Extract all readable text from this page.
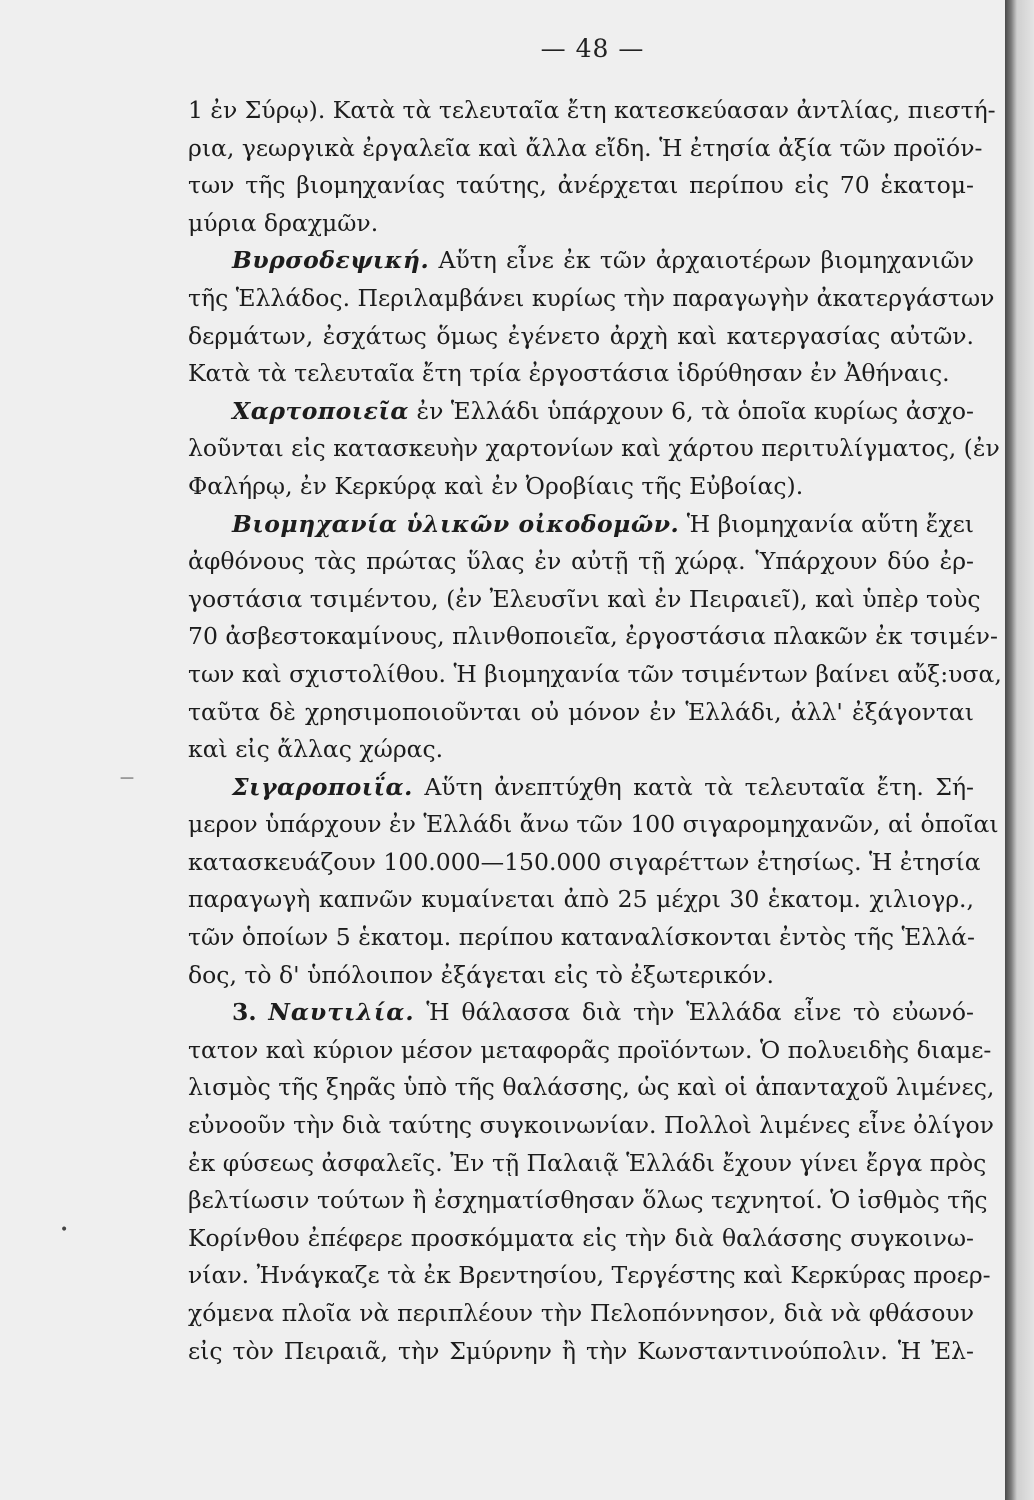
— 48 —
1 ἐν Σύρῳ). Κατὰ τὰ τελευταῖα ἔτη κατεσκεύασαν ἀντλίας, πιεστή-
ρια, γεωργικὰ ἐργαλεῖα καὶ ἄλλα εἴδη. Ἡ ἐτησία ἀξία τῶν προϊόν-
των τῆς βιομηχανίας ταύτης, ἀνέρχεται περίπου εἰς 70 ἑκατομ-
μύρια δραχμῶν.
Βυρσοδεψική. Αὕτη εἶνε ἐκ τῶν ἀρχαιοτέρων βιομηχανιῶν
τῆς Ἑλλάδος. Περιλαμβάνει κυρίως τὴν παραγωγὴν ἀκατεργάστων
δερμάτων, ἐσχάτως ὅμως ἐγένετο ἀρχὴ καὶ κατεργασίας αὐτῶν.
Κατὰ τὰ τελευταῖα ἔτη τρία ἐργοστάσια ἱδρύθησαν ἐν Ἀθήναις.
Χαρτοποιεῖα ἐν Ἑλλάδι ὑπάρχουν 6, τὰ ὁποῖα κυρίως ἀσχο-
λοῦνται εἰς κατασκευὴν χαρτονίων καὶ χάρτου περιτυλίγματος, (ἐν
Φαλήρῳ, ἐν Κερκύρᾳ καὶ ἐν Ὀροβίαις τῆς Εὐβοίας).
Βιομηχανία ὑλικῶν οἰκοδομῶν. Ἡ βιομηχανία αὕτη ἔχει
ἀφθόνους τὰς πρώτας ὕλας ἐν αὐτῇ τῇ χώρᾳ. Ὑπάρχουν δύο ἐρ-
γοστάσια τσιμέντου, (ἐν Ἐλευσῖνι καὶ ἐν Πειραιεῖ), καὶ ὑπὲρ τοὺς
70 ἀσβεστοκαμίνους, πλινθοποιεῖα, ἐργοστάσια πλακῶν ἐκ τσιμέν-
των καὶ σχιστολίθου. Ἡ βιομηχανία τῶν τσιμέντων βαίνει αὔξ:υσα,
ταῦτα δὲ χρησιμοποιοῦνται οὐ μόνον ἐν Ἑλλάδι, ἀλλ' ἐξάγονται
καὶ εἰς ἄλλας χώρας.
Σιγαροποιΐα. Αὕτη ἀνεπτύχθη κατὰ τὰ τελευταῖα ἔτη. Σή-
μερον ὑπάρχουν ἐν Ἑλλάδι ἄνω τῶν 100 σιγαρομηχανῶν, αἱ ὁποῖαι
κατασκευάζουν 100.000—150.000 σιγαρέττων ἐτησίως. Ἡ ἐτησία
παραγωγὴ καπνῶν κυμαίνεται ἀπὸ 25 μέχρι 30 ἑκατομ. χιλιογρ.,
τῶν ὁποίων 5 ἑκατομ. περίπου καταναλίσκονται ἐντὸς τῆς Ἑλλά-
δος, τὸ δ' ὑπόλοιπον ἐξάγεται εἰς τὸ ἐξωτερικόν.
3. Ναυτιλία. Ἡ θάλασσα διὰ τὴν Ἑλλάδα εἶνε τὸ εὐωνό-
τατον καὶ κύριον μέσον μεταφορᾶς προϊόντων. Ὁ πολυειδὴς διαμε-
λισμὸς τῆς ξηρᾶς ὑπὸ τῆς θαλάσσης, ὡς καὶ οἱ ἁπανταχοῦ λιμένες,
εὐνοοῦν τὴν διὰ ταύτης συγκοινωνίαν. Πολλοὶ λιμένες εἶνε ὀλίγον
ἐκ φύσεως ἀσφαλεῖς. Ἐν τῇ Παλαιᾷ Ἑλλάδι ἔχουν γίνει ἔργα πρὸς
βελτίωσιν τούτων ἢ ἐσχηματίσθησαν ὅλως τεχνητοί. Ὁ ἰσθμὸς τῆς
Κορίνθου ἐπέφερε προσκόμματα εἰς τὴν διὰ θαλάσσης συγκοινω-
νίαν. Ἠνάγκαζε τὰ ἐκ Βρεντησίου, Τεργέστης καὶ Κερκύρας προερ-
χόμενα πλοῖα νὰ περιπλέουν τὴν Πελοπόννησον, διὰ νὰ φθάσουν
εἰς τὸν Πειραιᾶ, τὴν Σμύρνην ἢ τὴν Κωνσταντινούπολιν. Ἡ Ἐλ-
—
•
